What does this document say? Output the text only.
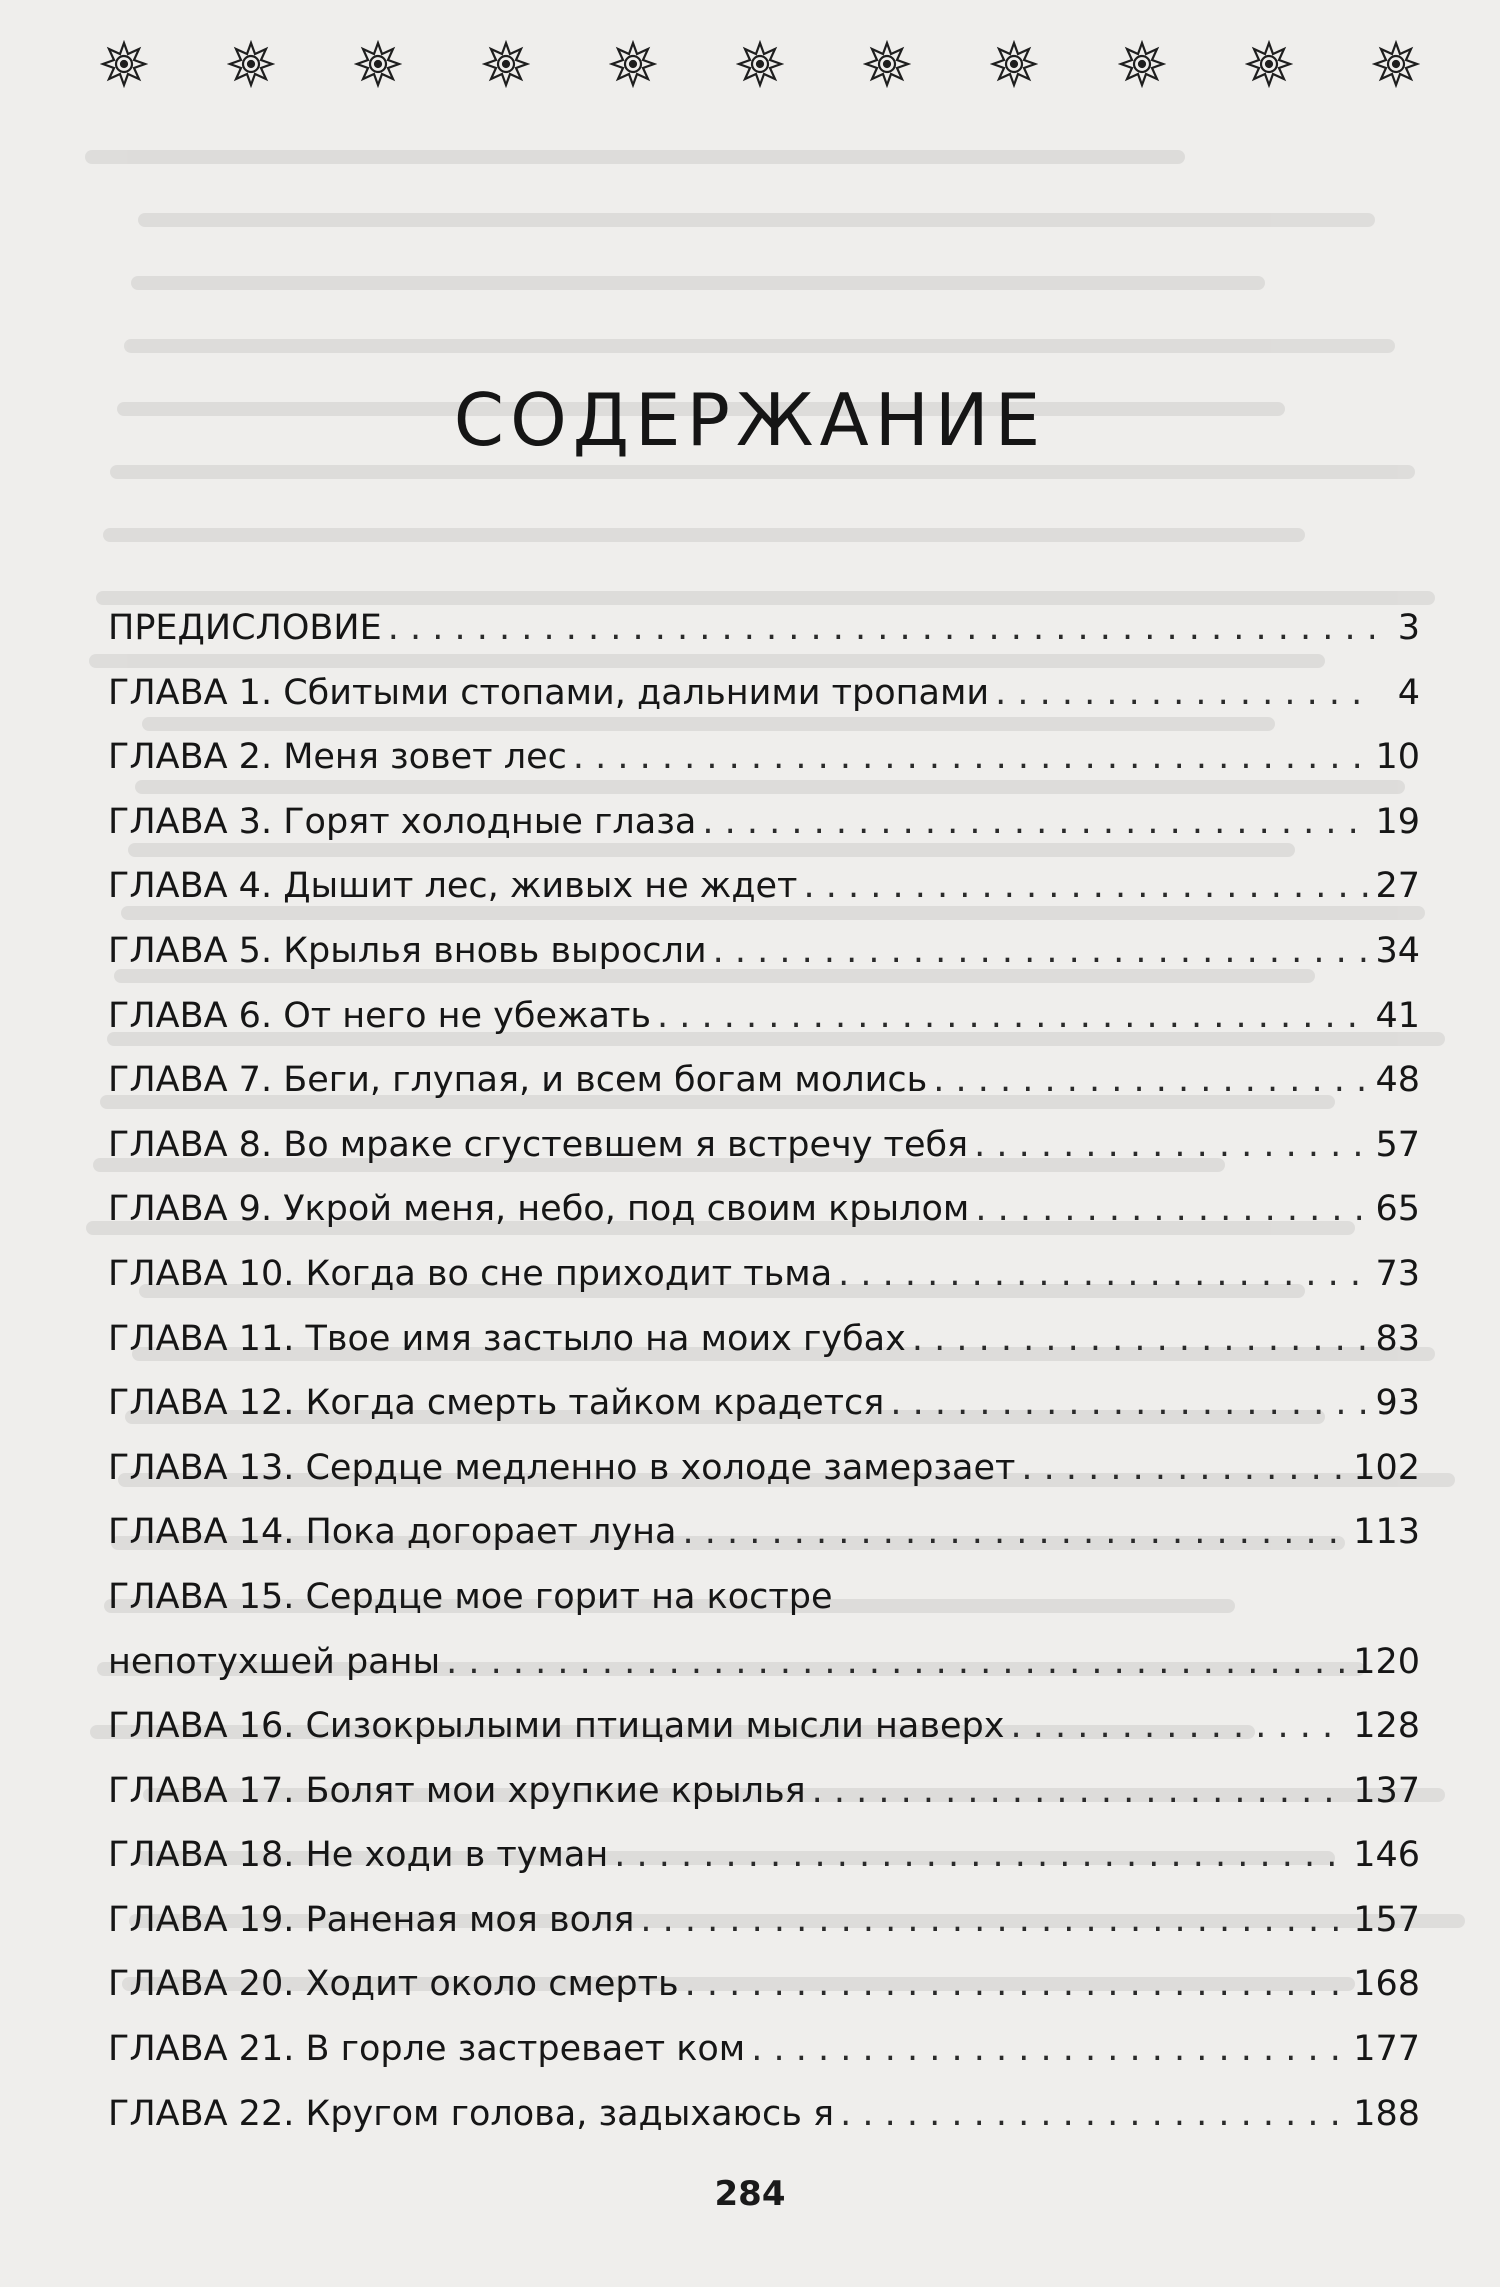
СОДЕРЖАНИЕ
ПРЕДИСЛОВИЕ . . .	3
ГЛАВА 1. Сбитыми стопами, дальними тропами . . .	4
ГЛАВА 2. Меня зовет лес . . .	10
ГЛАВА 3. Горят холодные глаза . . .	19
ГЛАВА 4. Дышит лес, живых не ждет . . .	27
ГЛАВА 5. Крылья вновь выросли . . .	34
ГЛАВА 6. От него не убежать . . .	41
ГЛАВА 7. Беги, глупая, и всем богам молись . . .	48
ГЛАВА 8. Во мраке сгустевшем я встречу тебя . . .	57
ГЛАВА 9. Укрой меня, небо, под своим крылом . . .	65
ГЛАВА 10. Когда во сне приходит тьма . . .	73
ГЛАВА 11. Твое имя застыло на моих губах . . .	83
ГЛАВА 12. Когда смерть тайком крадется . . .	93
ГЛАВА 13. Сердце медленно в холоде замерзает . . .	102
ГЛАВА 14. Пока догорает луна . . .	113
ГЛАВА 15. Сердце мое горит на костре
непотухшей раны . . .	120
ГЛАВА 16. Сизокрылыми птицами мысли наверх . . .	128
ГЛАВА 17. Болят мои хрупкие крылья . . .	137
ГЛАВА 18. Не ходи в туман . . .	146
ГЛАВА 19. Раненая моя воля . . .	157
ГЛАВА 20. Ходит около смерть . . .	168
ГЛАВА 21. В горле застревает ком . . .	177
ГЛАВА 22. Кругом голова, задыхаюсь я . . .	188
284
